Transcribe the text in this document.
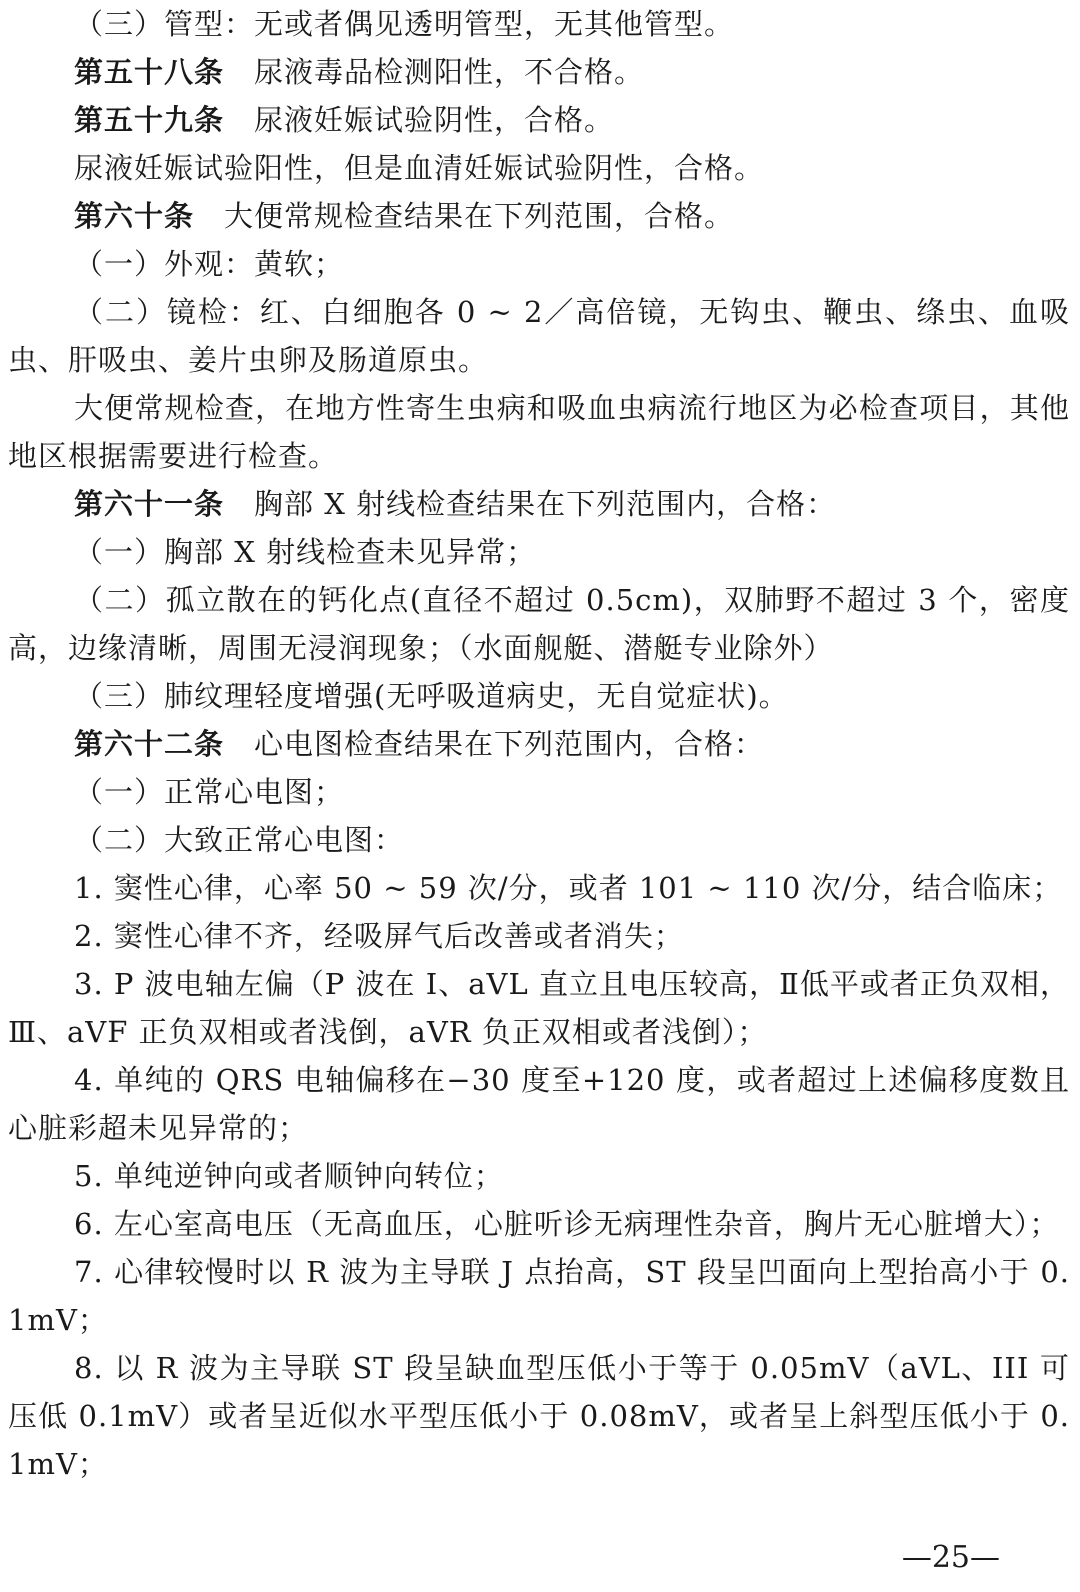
（三）管型：无或者偶见透明管型，无其他管型。

第五十八条 尿液毒品检测阳性，不合格。

第五十九条 尿液妊娠试验阴性，合格。

尿液妊娠试验阳性，但是血清妊娠试验阴性，合格。

第六十条 大便常规检查结果在下列范围，合格。

（一）外观：黄软；

（二）镜检：红、白细胞各 0 ~ 2／高倍镜，无钩虫、鞭虫、绦虫、血吸虫、肝吸虫、姜片虫卵及肠道原虫。

大便常规检查，在地方性寄生虫病和吸血虫病流行地区为必检查项目，其他地区根据需要进行检查。

第六十一条 胸部 X 射线检查结果在下列范围内，合格：

（一）胸部 X 射线检查未见异常；

（二）孤立散在的钙化点(直径不超过 0.5cm)，双肺野不超过 3 个，密度高，边缘清晰，周围无浸润现象；（水面舰艇、潜艇专业除外）

（三）肺纹理轻度增强(无呼吸道病史，无自觉症状)。

第六十二条 心电图检查结果在下列范围内，合格：

（一）正常心电图；

（二）大致正常心电图：

1. 窦性心律，心率 50 ~ 59 次/分，或者 101 ~ 110 次/分，结合临床；

2. 窦性心律不齐，经吸屏气后改善或者消失；

3. P 波电轴左偏（P 波在 I、aVL 直立且电压较高，Ⅱ低平或者正负双相，Ⅲ、aVF 正负双相或者浅倒，aVR 负正双相或者浅倒）；

4. 单纯的 QRS 电轴偏移在−30 度至+120 度，或者超过上述偏移度数且心脏彩超未见异常的；

5. 单纯逆钟向或者顺钟向转位；

6. 左心室高电压（无高血压，心脏听诊无病理性杂音，胸片无心脏增大）；

7. 心律较慢时以 R 波为主导联 J 点抬高，ST 段呈凹面向上型抬高小于 0.1mV；

8. 以 R 波为主导联 ST 段呈缺血型压低小于等于 0.05mV（aVL、III 可压低 0.1mV）或者呈近似水平型压低小于 0.08mV，或者呈上斜型压低小于 0.1mV；

—25—
